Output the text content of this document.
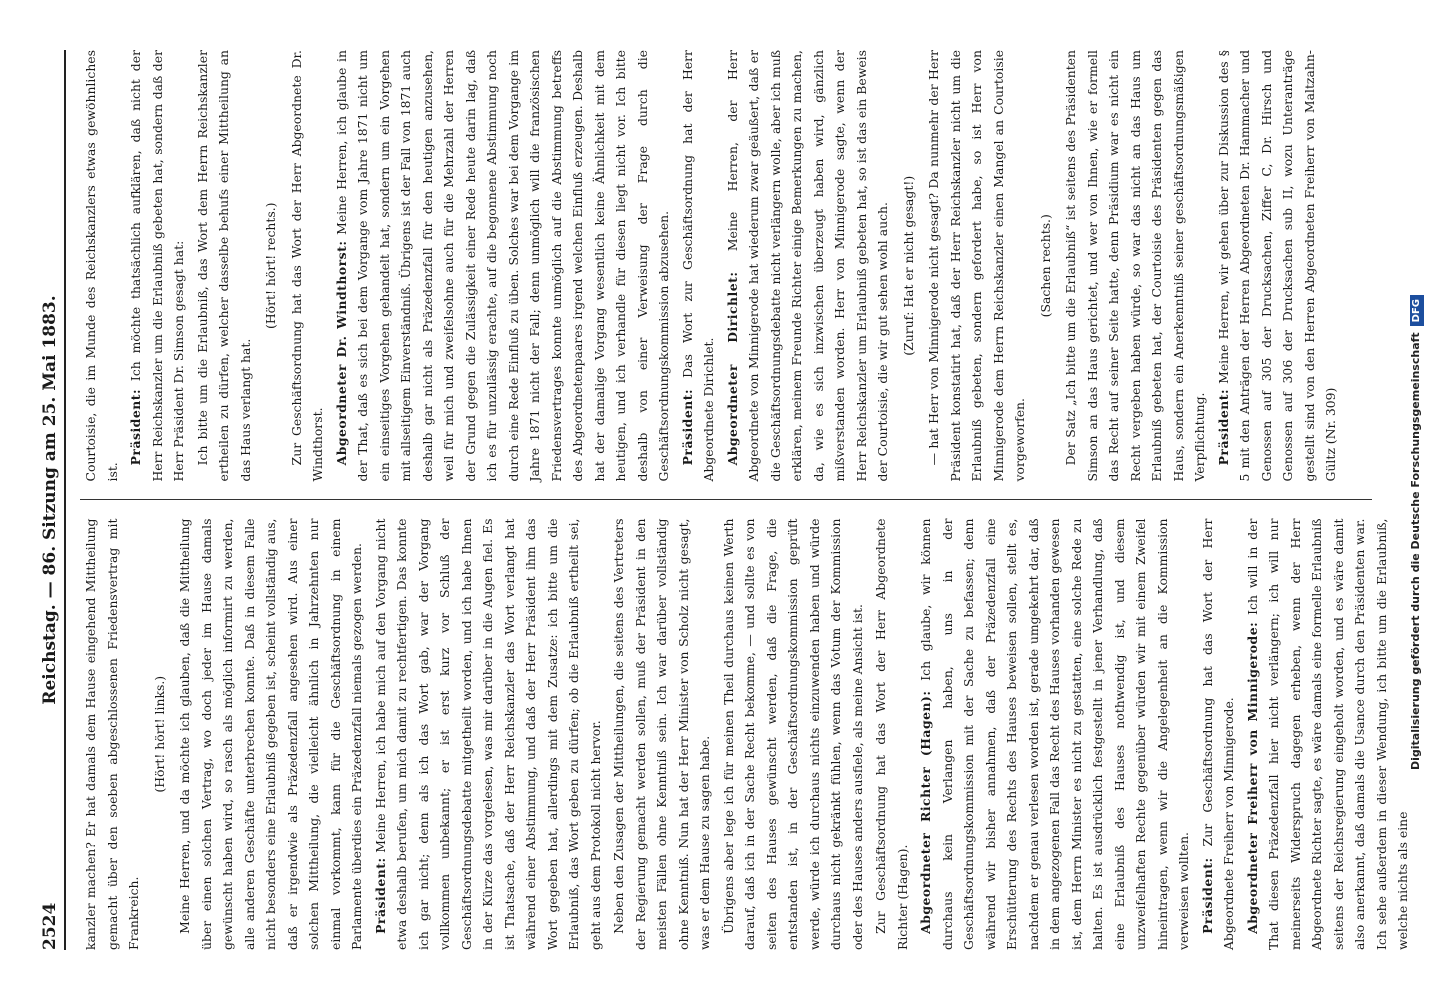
2524
Reichstag. — 86. Sitzung am 25. Mai 1883.

kanzler machen? Er hat damals dem Hause eingehend Mittheilung gemacht über den soeben abgeschlossenen Friedensvertrag mit Frankreich.

(Hört! hört! links.) Meine Herren, und da möchte ich glauben, daß die Mittheilung über einen solchen Vertrag, wo doch jeder im Hause damals gewünscht haben wird, so rasch als möglich informirt zu werden, alle anderen Geschäfte unterbrechen konnte. Daß in diesem Falle nicht besonders eine Erlaubniß gegeben ist, scheint vollständig aus, daß er irgendwie als Präzedenzfall angesehen wird. Aus einer solchen Mittheilung, die vielleicht ähnlich in Jahrzehnten nur einmal vorkommt, kann für die Geschäftsordnung in einem Parlamente überdies ein Präzedenzfall niemals gezogen werden. Präsident: Meine Herren, ich habe mich auf den Vorgang nicht etwa deshalb berufen, um mich damit zu rechtfertigen. Das konnte ich gar nicht; denn als ich das Wort gab, war der Vorgang vollkommen unbekannt; er ist erst kurz vor Schluß der Geschäftsordnungsdebatte mitgetheilt worden, und ich habe Ihnen in der Kürze das vorgelesen, was mir darüber in die Augen fiel. Es ist Thatsache, daß der Herr Reichskanzler das Wort verlangt hat während einer Abstimmung, und daß der Herr Präsident ihm das Wort gegeben hat, allerdings mit dem Zusatze: ich bitte um die Erlaubniß, das Wort geben zu dürfen; ob die Erlaubniß ertheilt sei, geht aus dem Protokoll nicht hervor. Neben den Zusagen der Mittheilungen, die seitens des Vertreters der Regierung gemacht werden sollen, muß der Präsident in den meisten Fällen ohne Kenntniß sein. Ich war darüber vollständig ohne Kenntniß. Nun hat der Herr Minister von Scholz nicht gesagt, was er dem Hause zu sagen habe. Übrigens aber lege ich für meinen Theil durchaus keinen Werth darauf, daß ich in der Sache Recht bekomme, — und sollte es von seiten des Hauses gewünscht werden, daß die Frage, die entstanden ist, in der Geschäftsordnungskommission geprüft werde, würde ich durchaus nichts einzuwenden haben und würde durchaus nicht gekränkt fühlen, wenn das Votum der Kommission oder des Hauses anders ausfiele, als meine Ansicht ist. Zur Geschäftsordnung hat das Wort der Herr Abgeordnete Richter (Hagen). Abgeordneter Richter (Hagen): Ich glaube, wir können durchaus kein Verlangen haben, uns in der Geschäftsordnungskommission mit der Sache zu befassen; denn während wir bisher annahmen, daß der Präzedenzfall eine Erschütterung des Rechts des Hauses beweisen sollen, stellt es, nachdem er genau verlesen worden ist, gerade umgekehrt dar, daß in dem angezogenen Fall das Recht des Hauses vorhanden gewesen ist, dem Herrn Minister es nicht zu gestatten, eine solche Rede zu halten. Es ist ausdrücklich festgestellt in jener Verhandlung, daß eine Erlaubniß des Hauses nothwendig ist, und diesem unzweifelhaften Rechte gegenüber würden wir mit einem Zweifel hineintragen, wenn wir die Angelegenheit an die Kommission verweisen wollten. Präsident: Zur Geschäftsordnung hat das Wort der Herr Abgeordnete Freiherr von Minnigerode. Abgeordneter Freiherr von Minnigerode: Ich will in der That diesen Präzedenzfall hier nicht verlängern; ich will nur meinerseits Widerspruch dagegen erheben, wenn der Herr Abgeordnete Richter sagte, es wäre damals eine formelle Erlaubniß seitens der Reichsregierung eingeholt worden, und es wäre damit also anerkannt, daß damals die Usance durch den Präsidenten war. Ich sehe außerdem in dieser Wendung, ich bitte um die Erlaubniß, welche nichts als eine

Courtoisie, die im Munde des Reichskanzlers etwas gewöhnliches ist.

Präsident: Ich möchte thatsächlich aufklären, daß nicht der Herr Reichskanzler um die Erlaubniß gebeten hat, sondern daß der Herr Präsident Dr. Simson gesagt hat: Ich bitte um die Erlaubniß, das Wort dem Herrn Reichskanzler ertheilen zu dürfen, welcher dasselbe behufs einer Mittheilung an das Haus verlangt hat.

(Hört! hört! rechts.) Zur Geschäftsordnung hat das Wort der Herr Abgeordnete Dr. Windthorst. Abgeordneter Dr. Windthorst: Meine Herren, ich glaube in der That, daß es sich bei dem Vorgange vom Jahre 1871 nicht um ein einseitiges Vorgehen gehandelt hat, sondern um ein Vorgehen mit allseitigem Einverständniß. Übrigens ist der Fall von 1871 auch deshalb gar nicht als Präzedenzfall für den heutigen anzusehen, weil für mich und zweifelsohne auch für die Mehrzahl der Herren der Grund gegen die Zulässigkeit einer Rede heute darin lag, daß ich es für unzulässig erachte, auf die begonnene Abstimmung noch durch eine Rede Einfluß zu üben. Solches war bei dem Vorgange im Jahre 1871 nicht der Fall; denn unmöglich will die französischen Friedensvertrages konnte unmöglich auf die Abstimmung betreffs des Abgeordnetenpaares irgend welchen Einfluß erzeugen. Deshalb hat der damalige Vorgang wesentlich keine Ähnlichkeit mit dem heutigen, und ich verhandle für diesen liegt nicht vor. Ich bitte deshalb von einer Verweisung der Frage durch die Geschäftsordnungskommission abzusehen. Präsident: Das Wort zur Geschäftsordnung hat der Herr Abgeordnete Dirichlet. Abgeordneter Dirichlet: Meine Herren, der Herr Abgeordnete von Minnigerode hat wiederum zwar geäußert, daß er die Geschäftsordnungsdebatte nicht verlängern wolle, aber ich muß erklären, meinem Freunde Richter einige Bemerkungen zu machen, da, wie es sich inzwischen überzeugt haben wird, gänzlich mißverstanden worden. Herr von Minnigerode sagte, wenn der Herr Reichskanzler um Erlaubniß gebeten hat, so ist das ein Beweis der Courtoisie, die wir gut sehen wohl auch. (Zuruf: Hat er nicht gesagt!) — hat Herr von Minnigerode nicht gesagt? Da nunmehr der Herr Präsident konstatirt hat, daß der Herr Reichskanzler nicht um die Erlaubniß gebeten, sondern gefordert habe, so ist Herr von Minnigerode dem Herrn Reichskanzler einen Mangel an Courtoisie vorgeworfen.

(Sachen rechts.) Der Satz „Ich bitte um die Erlaubniß“ ist seitens des Präsidenten Simson an das Haus gerichtet, und wer von Ihnen, wie er formell das Recht auf seiner Seite hatte, denn Präsidium war es nicht ein Recht vergeben haben würde, so war das nicht an das Haus um Erlaubniß gebeten hat, der Courtoisie des Präsidenten gegen das Haus, sondern ein Anerkenntniß seiner geschäftsordnungsmäßigen Verpflichtung. Präsident: Meine Herren, wir gehen über zur Diskussion des § 5 mit den Anträgen der Herren Abgeordneten Dr. Hammacher und Genossen auf 305 der Drucksachen, Ziffer C, Dr. Hirsch und Genossen auf 306 der Drucksachen sub II, wozu Unteranträge gestellt sind von den Herren Abgeordneten Freiherr von Maltzahn-Gültz (Nr. 309)	Digitalisierung gefördert durch die Deutsche ForschungsgemeinschaftDFG
